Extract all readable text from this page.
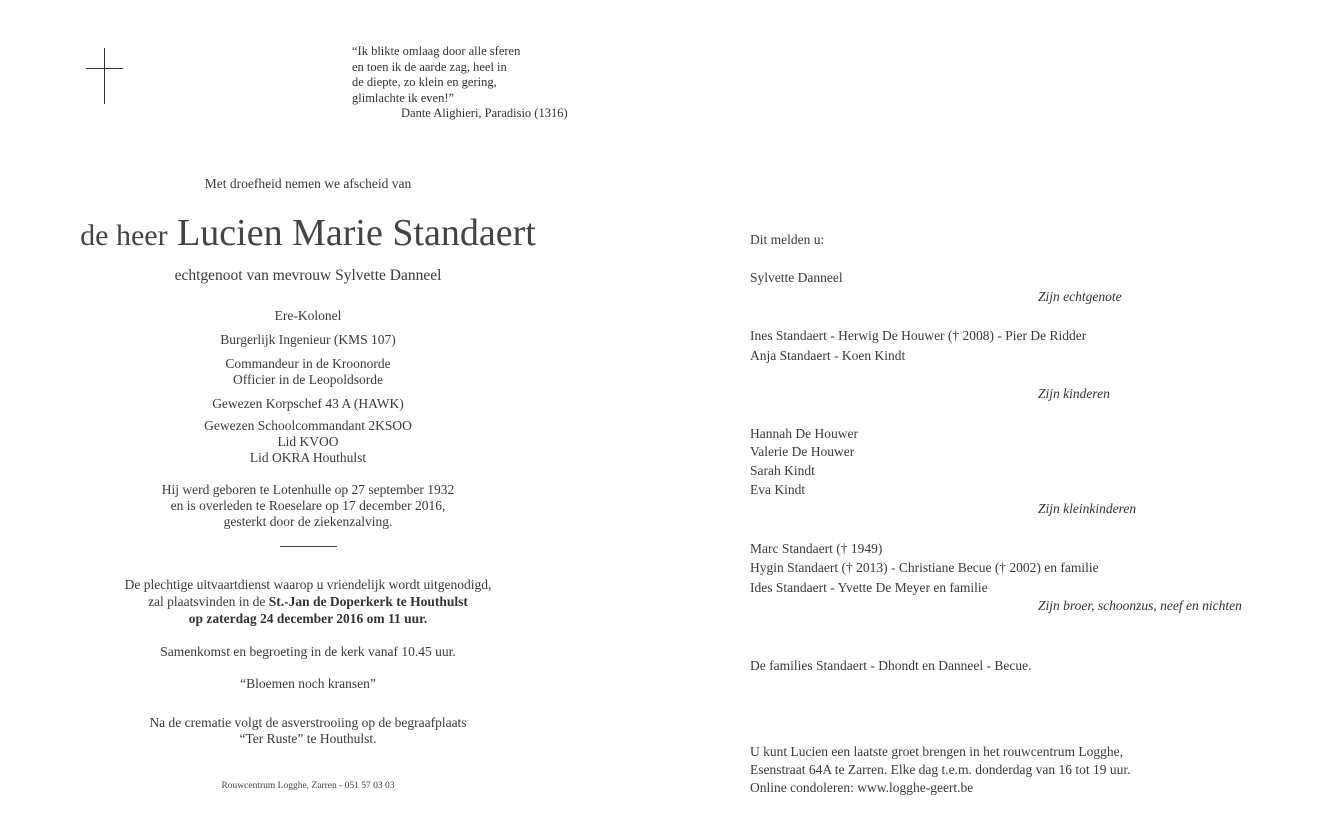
“Ik blikte omlaag door alle sferen
en toen ik de aarde zag, heel in
de diepte, zo klein en gering,
glimlachte ik even!”
Dante Alighieri, Paradisio (1316)
Met droefheid nemen we afscheid van
de heer Lucien Marie Standaert
echtgenoot van mevrouw Sylvette Danneel
Ere-Kolonel
Burgerlijk Ingenieur (KMS 107)
Commandeur in de Kroonorde
Officier in de Leopoldsorde
Gewezen Korpschef 43 A (HAWK)
Gewezen Schoolcommandant 2KSOO
Lid KVOO
Lid OKRA Houthulst
Hij werd geboren te Lotenhulle op 27 september 1932
en is overleden te Roeselare op 17 december 2016,
gesterkt door de ziekenzalving.
De plechtige uitvaartdienst waarop u vriendelijk wordt uitgenodigd,
zal plaatsvinden in de St.-Jan de Doperkerk te Houthulst
op zaterdag 24 december 2016 om 11 uur.
Samenkomst en begroeting in de kerk vanaf 10.45 uur.
“Bloemen noch kransen”
Na de crematie volgt de asverstrooiing op de begraafplaats
“Ter Ruste” te Houthulst.
Rouwcentrum Logghe, Zarren - 051 57 03 03
Dit melden u:
Sylvette Danneel
Zijn echtgenote
Ines Standaert - Herwig De Houwer († 2008) - Pier De Ridder
Anja Standaert - Koen Kindt
Zijn kinderen
Hannah De Houwer
Valerie De Houwer
Sarah Kindt
Eva Kindt
Zijn kleinkinderen
Marc Standaert († 1949)
Hygin Standaert († 2013) - Christiane Becue († 2002) en familie
Ides Standaert - Yvette De Meyer en familie
Zijn broer, schoonzus, neef en nichten
De families Standaert - Dhondt en Danneel - Becue.
U kunt Lucien een laatste groet brengen in het rouwcentrum Logghe,
Esenstraat 64A te Zarren. Elke dag t.e.m. donderdag van 16 tot 19 uur.
Online condoleren: www.logghe-geert.be
